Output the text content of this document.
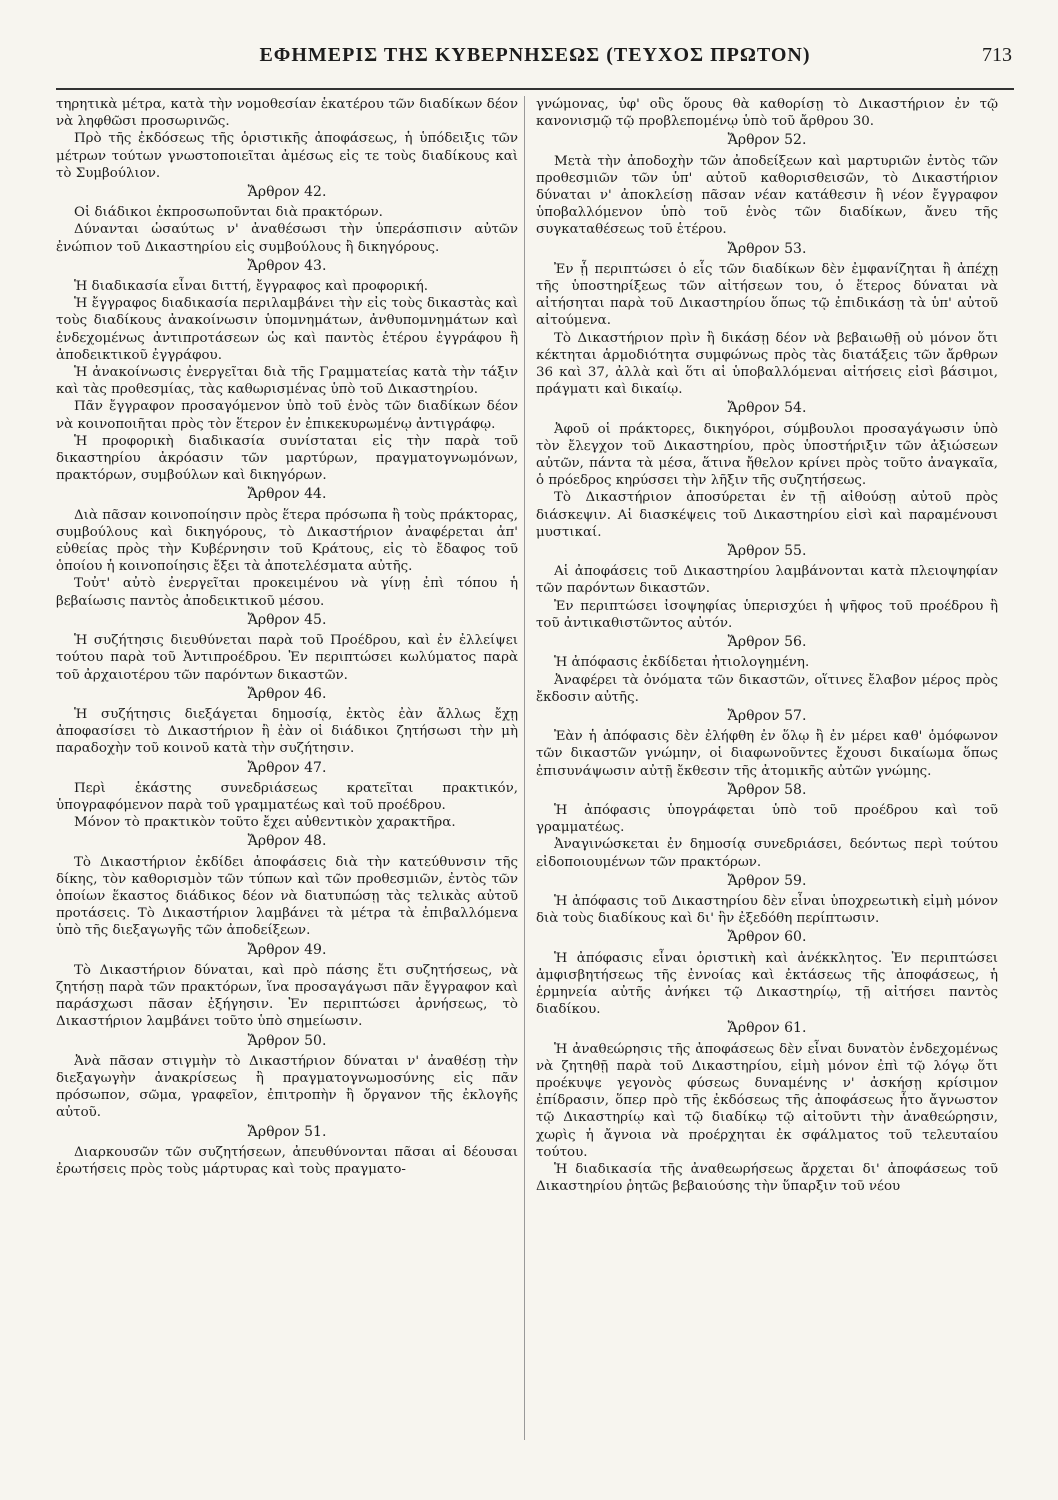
ΕΦΗΜΕΡΙΣ ΤΗΣ ΚΥΒΕΡΝΗΣΕΩΣ (ΤΕΥΧΟΣ ΠΡΩΤΟΝ)	713

τηρητικὰ μέτρα, κατὰ τὴν νομοθεσίαν ἑκατέρου τῶν διαδίκων δέον νὰ ληφθῶσι προσωρινῶς.

Πρὸ τῆς ἐκδόσεως τῆς ὁριστικῆς ἀποφάσεως, ἡ ὑπόδειξις τῶν μέτρων τούτων γνωστοποιεῖται ἀμέσως εἰς τε τοὺς διαδίκους καὶ τὸ Συμβούλιον.

Ἄρθρον 42.

Οἱ διάδικοι ἐκπροσωποῦνται διὰ πρακτόρων.

Δύνανται ὡσαύτως ν' ἀναθέσωσι τὴν ὑπεράσπισιν αὐτῶν ἐνώπιον τοῦ Δικαστηρίου εἰς συμβούλους ἢ δικηγόρους.

Ἄρθρον 43.

Ἡ διαδικασία εἶναι διττή, ἔγγραφος καὶ προφορική.

Ἡ ἔγγραφος διαδικασία περιλαμβάνει τὴν εἰς τοὺς δικαστὰς καὶ τοὺς διαδίκους ἀνακοίνωσιν ὑπομνημάτων, ἀνθυπομνημάτων καὶ ἐνδεχομένως ἀντιπροτάσεων ὡς καὶ παντὸς ἑτέρου ἐγγράφου ἢ ἀποδεικτικοῦ ἐγγράφου.

Ἡ ἀνακοίνωσις ἐνεργεῖται διὰ τῆς Γραμματείας κατὰ τὴν τάξιν καὶ τὰς προθεσμίας, τὰς καθωρισμένας ὑπὸ τοῦ Δικαστηρίου.

Πᾶν ἔγγραφον προσαγόμενον ὑπὸ τοῦ ἑνὸς τῶν διαδίκων δέον νὰ κοινοποιῆται πρὸς τὸν ἕτερον ἐν ἐπικεκυρωμένῳ ἀντιγράφῳ.

Ἡ προφορικὴ διαδικασία συνίσταται εἰς τὴν παρὰ τοῦ δικαστηρίου ἀκρόασιν τῶν μαρτύρων, πραγματογνωμόνων, πρακτόρων, συμβούλων καὶ δικηγόρων.

Ἄρθρον 44.

Διὰ πᾶσαν κοινοποίησιν πρὸς ἕτερα πρόσωπα ἢ τοὺς πράκτορας, συμβούλους καὶ δικηγόρους, τὸ Δικαστήριον ἀναφέρεται ἀπ' εὐθείας πρὸς τὴν Κυβέρνησιν τοῦ Κράτους, εἰς τὸ ἔδαφος τοῦ ὁποίου ἡ κοινοποίησις ἔξει τὰ ἀποτελέσματα αὐτῆς.

Τοὐτ' αὐτὸ ἐνεργεῖται προκειμένου νὰ γίνῃ ἐπὶ τόπου ἡ βεβαίωσις παντὸς ἀποδεικτικοῦ μέσου.

Ἄρθρον 45.

Ἡ συζήτησις διευθύνεται παρὰ τοῦ Προέδρου, καὶ ἐν ἐλλείψει τούτου παρὰ τοῦ Ἀντιπροέδρου. Ἐν περιπτώσει κωλύματος παρὰ τοῦ ἀρχαιοτέρου τῶν παρόντων δικαστῶν.

Ἄρθρον 46.

Ἡ συζήτησις διεξάγεται δημοσίᾳ, ἐκτὸς ἐὰν ἄλλως ἔχῃ ἀποφασίσει τὸ Δικαστήριον ἢ ἐὰν οἱ διάδικοι ζητήσωσι τὴν μὴ παραδοχὴν τοῦ κοινοῦ κατὰ τὴν συζήτησιν.

Ἄρθρον 47.

Περὶ ἑκάστης συνεδριάσεως κρατεῖται πρακτικόν, ὑπογραφόμενον παρὰ τοῦ γραμματέως καὶ τοῦ προέδρου.

Μόνον τὸ πρακτικὸν τοῦτο ἔχει αὐθεντικὸν χαρακτῆρα.

Ἄρθρον 48.

Τὸ Δικαστήριον ἐκδίδει ἀποφάσεις διὰ τὴν κατεύθυνσιν τῆς δίκης, τὸν καθορισμὸν τῶν τύπων καὶ τῶν προθεσμιῶν, ἐντὸς τῶν ὁποίων ἕκαστος διάδικος δέον νὰ διατυπώσῃ τὰς τελικὰς αὐτοῦ προτάσεις. Τὸ Δικαστήριον λαμβάνει τὰ μέτρα τὰ ἐπιβαλλόμενα ὑπὸ τῆς διεξαγωγῆς τῶν ἀποδείξεων.

Ἄρθρον 49.

Τὸ Δικαστήριον δύναται, καὶ πρὸ πάσης ἔτι συζητήσεως, νὰ ζητήσῃ παρὰ τῶν πρακτόρων, ἵνα προσαγάγωσι πᾶν ἔγγραφον καὶ παράσχωσι πᾶσαν ἐξήγησιν. Ἐν περιπτώσει ἀρνήσεως, τὸ Δικαστήριον λαμβάνει τοῦτο ὑπὸ σημείωσιν.

Ἄρθρον 50.

Ἀνὰ πᾶσαν στιγμὴν τὸ Δικαστήριον δύναται ν' ἀναθέσῃ τὴν διεξαγωγὴν ἀνακρίσεως ἢ πραγματογνωμοσύνης εἰς πᾶν πρόσωπον, σῶμα, γραφεῖον, ἐπιτροπὴν ἢ ὄργανον τῆς ἐκλογῆς αὐτοῦ.

Ἄρθρον 51.

Διαρκουσῶν τῶν συζητήσεων, ἀπευθύνονται πᾶσαι αἱ δέουσαι ἐρωτήσεις πρὸς τοὺς μάρτυρας καὶ τοὺς πραγματο-

γνώμονας, ὑφ' οὓς ὅρους θὰ καθορίσῃ τὸ Δικαστήριον ἐν τῷ κανονισμῷ τῷ προβλεπομένῳ ὑπὸ τοῦ ἄρθρου 30.

Ἄρθρον 52.

Μετὰ τὴν ἀποδοχὴν τῶν ἀποδείξεων καὶ μαρτυριῶν ἐντὸς τῶν προθεσμιῶν τῶν ὑπ' αὐτοῦ καθορισθεισῶν, τὸ Δικαστήριον δύναται ν' ἀποκλείσῃ πᾶσαν νέαν κατάθεσιν ἢ νέον ἔγγραφον ὑποβαλλόμενον ὑπὸ τοῦ ἑνὸς τῶν διαδίκων, ἄνευ τῆς συγκαταθέσεως τοῦ ἑτέρου.

Ἄρθρον 53.

Ἐν ᾗ περιπτώσει ὁ εἷς τῶν διαδίκων δὲν ἐμφανίζηται ἢ ἀπέχῃ τῆς ὑποστηρίξεως τῶν αἰτήσεων του, ὁ ἕτερος δύναται νὰ αἰτήσηται παρὰ τοῦ Δικαστηρίου ὅπως τῷ ἐπιδικάσῃ τὰ ὑπ' αὐτοῦ αἰτούμενα.

Τὸ Δικαστήριον πρὶν ἢ δικάσῃ δέον νὰ βεβαιωθῇ οὐ μόνον ὅτι κέκτηται ἁρμοδιότητα συμφώνως πρὸς τὰς διατάξεις τῶν ἄρθρων 36 καὶ 37, ἀλλὰ καὶ ὅτι αἱ ὑποβαλλόμεναι αἰτήσεις εἰσὶ βάσιμοι, πράγματι καὶ δικαίῳ.

Ἄρθρον 54.

Ἀφοῦ οἱ πράκτορες, δικηγόροι, σύμβουλοι προσαγάγωσιν ὑπὸ τὸν ἔλεγχον τοῦ Δικαστηρίου, πρὸς ὑποστήριξιν τῶν ἀξιώσεων αὐτῶν, πάντα τὰ μέσα, ἅτινα ἤθελον κρίνει πρὸς τοῦτο ἀναγκαῖα, ὁ πρόεδρος κηρύσσει τὴν λῆξιν τῆς συζητήσεως.

Τὸ Δικαστήριον ἀποσύρεται ἐν τῇ αἰθούσῃ αὐτοῦ πρὸς διάσκεψιν. Αἱ διασκέψεις τοῦ Δικαστηρίου εἰσὶ καὶ παραμένουσι μυστικαί.

Ἄρθρον 55.

Αἱ ἀποφάσεις τοῦ Δικαστηρίου λαμβάνονται κατὰ πλειοψηφίαν τῶν παρόντων δικαστῶν.

Ἐν περιπτώσει ἰσοψηφίας ὑπερισχύει ἡ ψῆφος τοῦ προέδρου ἢ τοῦ ἀντικαθιστῶντος αὐτόν.

Ἄρθρον 56.

Ἡ ἀπόφασις ἐκδίδεται ἠτιολογημένη.

Ἀναφέρει τὰ ὀνόματα τῶν δικαστῶν, οἵτινες ἔλαβον μέρος πρὸς ἔκδοσιν αὐτῆς.

Ἄρθρον 57.

Ἐὰν ἡ ἀπόφασις δὲν ἐλήφθη ἐν ὅλῳ ἢ ἐν μέρει καθ' ὁμόφωνον τῶν δικαστῶν γνώμην, οἱ διαφωνοῦντες ἔχουσι δικαίωμα ὅπως ἐπισυνάψωσιν αὐτῇ ἔκθεσιν τῆς ἀτομικῆς αὐτῶν γνώμης.

Ἄρθρον 58.

Ἡ ἀπόφασις ὑπογράφεται ὑπὸ τοῦ προέδρου καὶ τοῦ γραμματέως.

Ἀναγινώσκεται ἐν δημοσίᾳ συνεδριάσει, δεόντως περὶ τούτου εἰδοποιουμένων τῶν πρακτόρων.

Ἄρθρον 59.

Ἡ ἀπόφασις τοῦ Δικαστηρίου δὲν εἶναι ὑποχρεωτικὴ εἰμὴ μόνον διὰ τοὺς διαδίκους καὶ δι' ἣν ἐξεδόθη περίπτωσιν.

Ἄρθρον 60.

Ἡ ἀπόφασις εἶναι ὁριστικὴ καὶ ἀνέκκλητος. Ἐν περιπτώσει ἀμφισβητήσεως τῆς ἐννοίας καὶ ἐκτάσεως τῆς ἀποφάσεως, ἡ ἑρμηνεία αὐτῆς ἀνήκει τῷ Δικαστηρίῳ, τῇ αἰτήσει παντὸς διαδίκου.

Ἄρθρον 61.

Ἡ ἀναθεώρησις τῆς ἀποφάσεως δὲν εἶναι δυνατὸν ἐνδεχομένως νὰ ζητηθῇ παρὰ τοῦ Δικαστηρίου, εἰμὴ μόνον ἐπὶ τῷ λόγῳ ὅτι προέκυψε γεγονὸς φύσεως δυναμένης ν' ἀσκήσῃ κρίσιμον ἐπίδρασιν, ὅπερ πρὸ τῆς ἐκδόσεως τῆς ἀποφάσεως ἦτο ἄγνωστον τῷ Δικαστηρίῳ καὶ τῷ διαδίκῳ τῷ αἰτοῦντι τὴν ἀναθεώρησιν, χωρὶς ἡ ἄγνοια νὰ προέρχηται ἐκ σφάλματος τοῦ τελευταίου τούτου.

Ἡ διαδικασία τῆς ἀναθεωρήσεως ἄρχεται δι' ἀποφάσεως τοῦ Δικαστηρίου ῥητῶς βεβαιούσης τὴν ὕπαρξιν τοῦ νέου
